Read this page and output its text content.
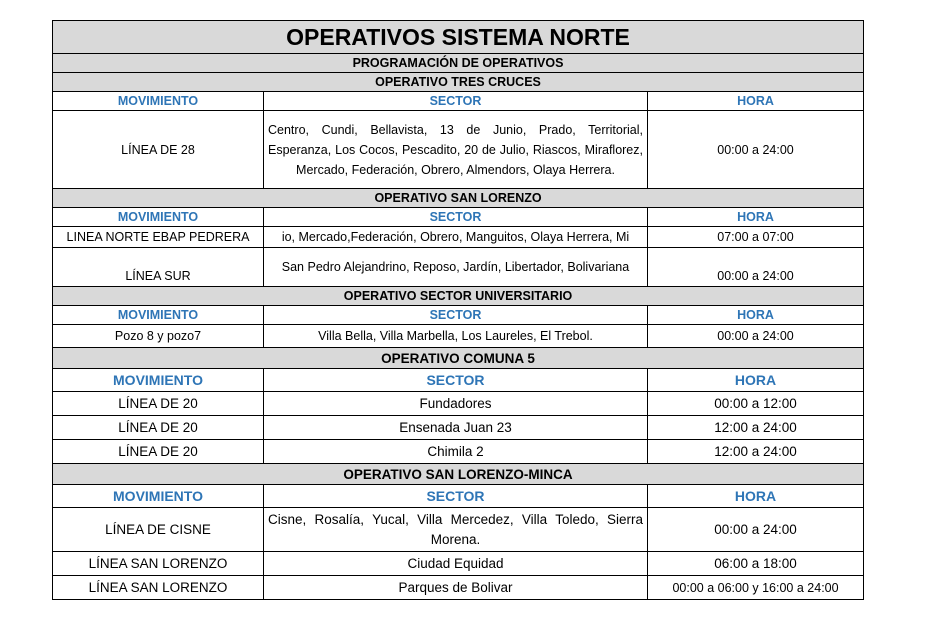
OPERATIVOS SISTEMA NORTE		
PROGRAMACIÓN DE OPERATIVOS		
OPERATIVO TRES CRUCES		
MOVIMIENTO	SECTOR	HORA
LÍNEA DE 28	Centro, Cundi, Bellavista, 13 de Junio, Prado, Territorial, Esperanza, Los Cocos, Pescadito, 20 de Julio, Riascos, Miraflorez, Mercado, Federación, Obrero, Almendors, Olaya Herrera.	00:00 a 24:00
OPERATIVO SAN LORENZO		
MOVIMIENTO	SECTOR	HORA
LINEA NORTE EBAP PEDRERA	io, Mercado,Federación, Obrero, Manguitos, Olaya Herrera, Mi	07:00 a 07:00
LÍNEA SUR	San Pedro Alejandrino, Reposo, Jardín, Libertador, Bolivariana	00:00 a 24:00
OPERATIVO SECTOR UNIVERSITARIO		
MOVIMIENTO	SECTOR	HORA
Pozo 8 y pozo7	Villa Bella, Villa Marbella, Los Laureles, El Trebol.	00:00 a 24:00
OPERATIVO COMUNA 5		
MOVIMIENTO	SECTOR	HORA
LÍNEA DE 20	Fundadores	00:00 a 12:00
LÍNEA DE 20	Ensenada Juan 23	12:00 a 24:00
LÍNEA DE 20	Chimila 2	12:00 a 24:00
OPERATIVO SAN LORENZO-MINCA		
MOVIMIENTO	SECTOR	HORA
LÍNEA DE CISNE	Cisne, Rosalía, Yucal, Villa Mercedez, Villa Toledo, Sierra Morena.	00:00 a 24:00
LÍNEA SAN LORENZO	Ciudad Equidad	06:00 a 18:00
LÍNEA SAN LORENZO	Parques de Bolivar	00:00 a 06:00 y 16:00 a 24:00
